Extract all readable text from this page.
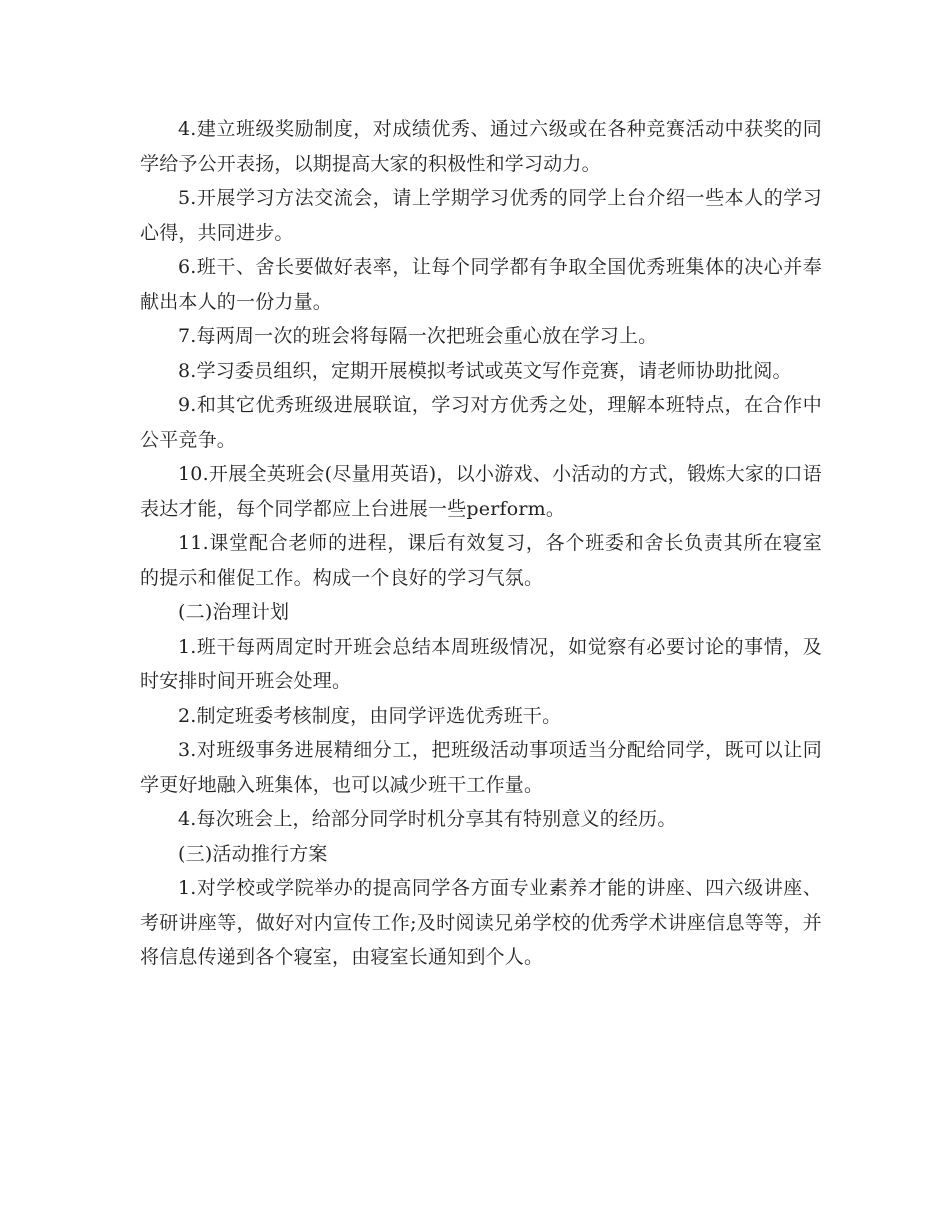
4.建立班级奖励制度，对成绩优秀、通过六级或在各种竞赛活动中获奖的同学给予公开表扬，以期提高大家的积极性和学习动力。

5.开展学习方法交流会，请上学期学习优秀的同学上台介绍一些本人的学习心得，共同进步。

6.班干、舍长要做好表率，让每个同学都有争取全国优秀班集体的决心并奉献出本人的一份力量。

7.每两周一次的班会将每隔一次把班会重心放在学习上。

8.学习委员组织，定期开展模拟考试或英文写作竞赛，请老师协助批阅。

9.和其它优秀班级进展联谊，学习对方优秀之处，理解本班特点，在合作中公平竞争。

10.开展全英班会(尽量用英语)，以小游戏、小活动的方式，锻炼大家的口语表达才能，每个同学都应上台进展一些perform。

11.课堂配合老师的进程，课后有效复习，各个班委和舍长负责其所在寝室的提示和催促工作。构成一个良好的学习气氛。

(二)治理计划

1.班干每两周定时开班会总结本周班级情况，如觉察有必要讨论的事情，及时安排时间开班会处理。

2.制定班委考核制度，由同学评选优秀班干。

3.对班级事务进展精细分工，把班级活动事项适当分配给同学，既可以让同学更好地融入班集体，也可以减少班干工作量。

4.每次班会上，给部分同学时机分享其有特别意义的经历。

(三)活动推行方案

1.对学校或学院举办的提高同学各方面专业素养才能的讲座、四六级讲座、考研讲座等，做好对内宣传工作;及时阅读兄弟学校的优秀学术讲座信息等等，并将信息传递到各个寝室，由寝室长通知到个人。
